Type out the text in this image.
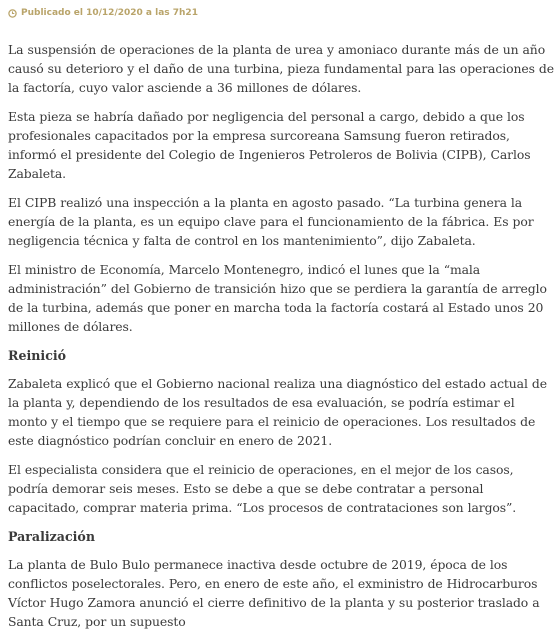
Publicado el 10/12/2020 a las 7h21

La suspensión de operaciones de la planta de urea y amoniaco durante más de un año causó su deterioro y el daño de una turbina, pieza fundamental para las operaciones de la factoría, cuyo valor asciende a 36 millones de dólares.

Esta pieza se habría dañado por negligencia del personal a cargo, debido a que los profesionales capacitados por la empresa surcoreana Samsung fueron retirados, informó el presidente del Colegio de Ingenieros Petroleros de Bolivia (CIPB), Carlos Zabaleta.

El CIPB realizó una inspección a la planta en agosto pasado. “La turbina genera la energía de la planta, es un equipo clave para el funcionamiento de la fábrica. Es por negligencia técnica y falta de control en los mantenimiento”, dijo Zabaleta.

El ministro de Economía, Marcelo Montenegro, indicó el lunes que la “mala administración” del Gobierno de transición hizo que se perdiera la garantía de arreglo de la turbina, además que poner en marcha toda la factoría costará al Estado unos 20 millones de dólares.

Reinició

Zabaleta explicó que el Gobierno nacional realiza una diagnóstico del estado actual de la planta y, dependiendo de los resultados de esa evaluación, se podría estimar el monto y el tiempo que se requiere para el reinicio de operaciones. Los resultados de este diagnóstico podrían concluir en enero de 2021.

El especialista considera que el reinicio de operaciones, en el mejor de los casos, podría demorar seis meses. Esto se debe a que se debe contratar a personal capacitado, comprar materia prima. “Los procesos de contrataciones son largos”.

Paralización

La planta de Bulo Bulo permanece inactiva desde octubre de 2019, época de los conflictos poselectorales. Pero, en enero de este año, el exministro de Hidrocarburos Víctor Hugo Zamora anunció el cierre definitivo de la planta y su posterior traslado a Santa Cruz, por un supuesto
